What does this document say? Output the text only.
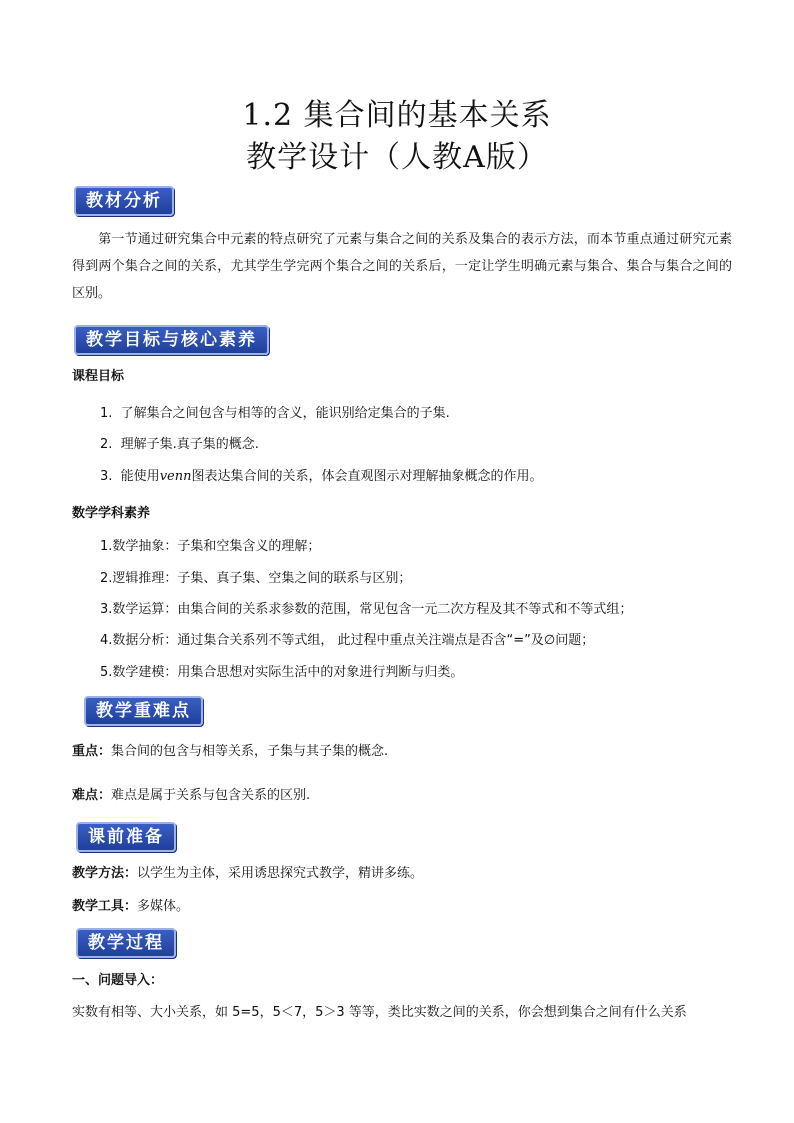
1.2 集合间的基本关系
教学设计（人教A版）
教材分析
第一节通过研究集合中元素的特点研究了元素与集合之间的关系及集合的表示方法，而本节重点通过研究元素得到两个集合之间的关系，尤其学生学完两个集合之间的关系后，一定让学生明确元素与集合、集合与集合之间的区别。
教学目标与核心素养
课程目标
1. 了解集合之间包含与相等的含义，能识别给定集合的子集.
2. 理解子集.真子集的概念.
3. 能使用venn图表达集合间的关系，体会直观图示对理解抽象概念的作用。
数学学科素养
1.数学抽象：子集和空集含义的理解；
2.逻辑推理：子集、真子集、空集之间的联系与区别；
3.数学运算：由集合间的关系求参数的范围，常见包含一元二次方程及其不等式和不等式组；
4.数据分析：通过集合关系列不等式组， 此过程中重点关注端点是否含“=”及∅问题；
5.数学建模：用集合思想对实际生活中的对象进行判断与归类。
教学重难点
重点：集合间的包含与相等关系，子集与其子集的概念.
难点：难点是属于关系与包含关系的区别.
课前准备
教学方法：以学生为主体，采用诱思探究式教学，精讲多练。
教学工具：多媒体。
教学过程
一、问题导入：
实数有相等、大小关系，如 5=5，5＜7，5＞3 等等，类比实数之间的关系，你会想到集合之间有什么关系
